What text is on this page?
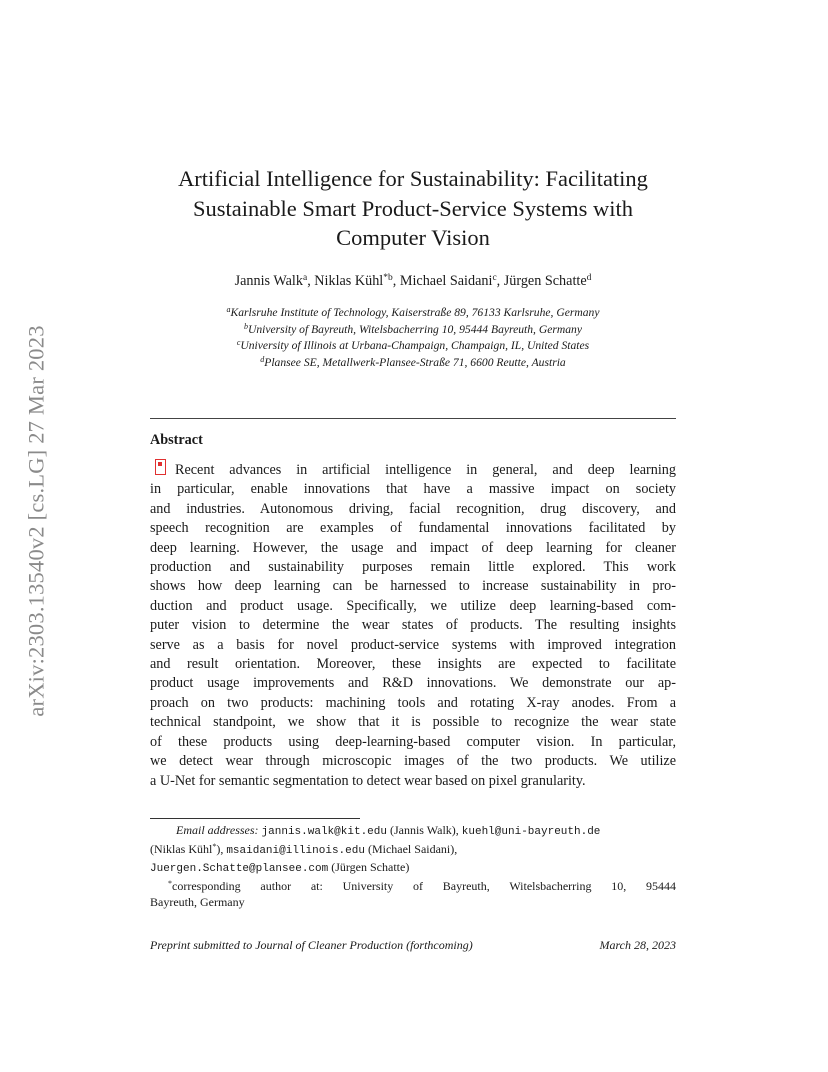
arXiv:2303.13540v2 [cs.LG] 27 Mar 2023
Artificial Intelligence for Sustainability: Facilitating
Sustainable Smart Product-Service Systems with
Computer Vision
Jannis Walk$^a$, Niklas Kühl$^{*b}$, Michael Saidani$^c$, Jürgen Schatte$^d$
$^a$Karlsruhe Institute of Technology, Kaiserstraße 89, 76133 Karlsruhe, Germany
$^b$University of Bayreuth, Witelsbacherring 10, 95444 Bayreuth, Germany
$^c$University of Illinois at Urbana-Champaign, Champaign, IL, United States
$^d$Plansee SE, Metallwerk-Plansee-Straße 71, 6600 Reutte, Austria
Abstract
Recent advances in artificial intelligence in general, and deep learning
in particular, enable innovations that have a massive impact on society
and industries. Autonomous driving, facial recognition, drug discovery, and
speech recognition are examples of fundamental innovations facilitated by
deep learning. However, the usage and impact of deep learning for cleaner
production and sustainability purposes remain little explored. This work
shows how deep learning can be harnessed to increase sustainability in pro-
duction and product usage. Specifically, we utilize deep learning-based com-
puter vision to determine the wear states of products. The resulting insights
serve as a basis for novel product-service systems with improved integration
and result orientation. Moreover, these insights are expected to facilitate
product usage improvements and R&D innovations. We demonstrate our ap-
proach on two products: machining tools and rotating X-ray anodes. From a
technical standpoint, we show that it is possible to recognize the wear state
of these products using deep-learning-based computer vision. In particular,
we detect wear through microscopic images of the two products. We utilize
a U-Net for semantic segmentation to detect wear based on pixel granularity.
Email addresses: jannis.walk@kit.edu (Jannis Walk), kuehl@uni-bayreuth.de
(Niklas Kühl*), msaidani@illinois.edu (Michael Saidani),
Juergen.Schatte@plansee.com (Jürgen Schatte)
*corresponding author at: University of Bayreuth, Witelsbacherring 10, 95444
Bayreuth, Germany
Preprint submitted to Journal of Cleaner Production (forthcoming)	March 28, 2023
